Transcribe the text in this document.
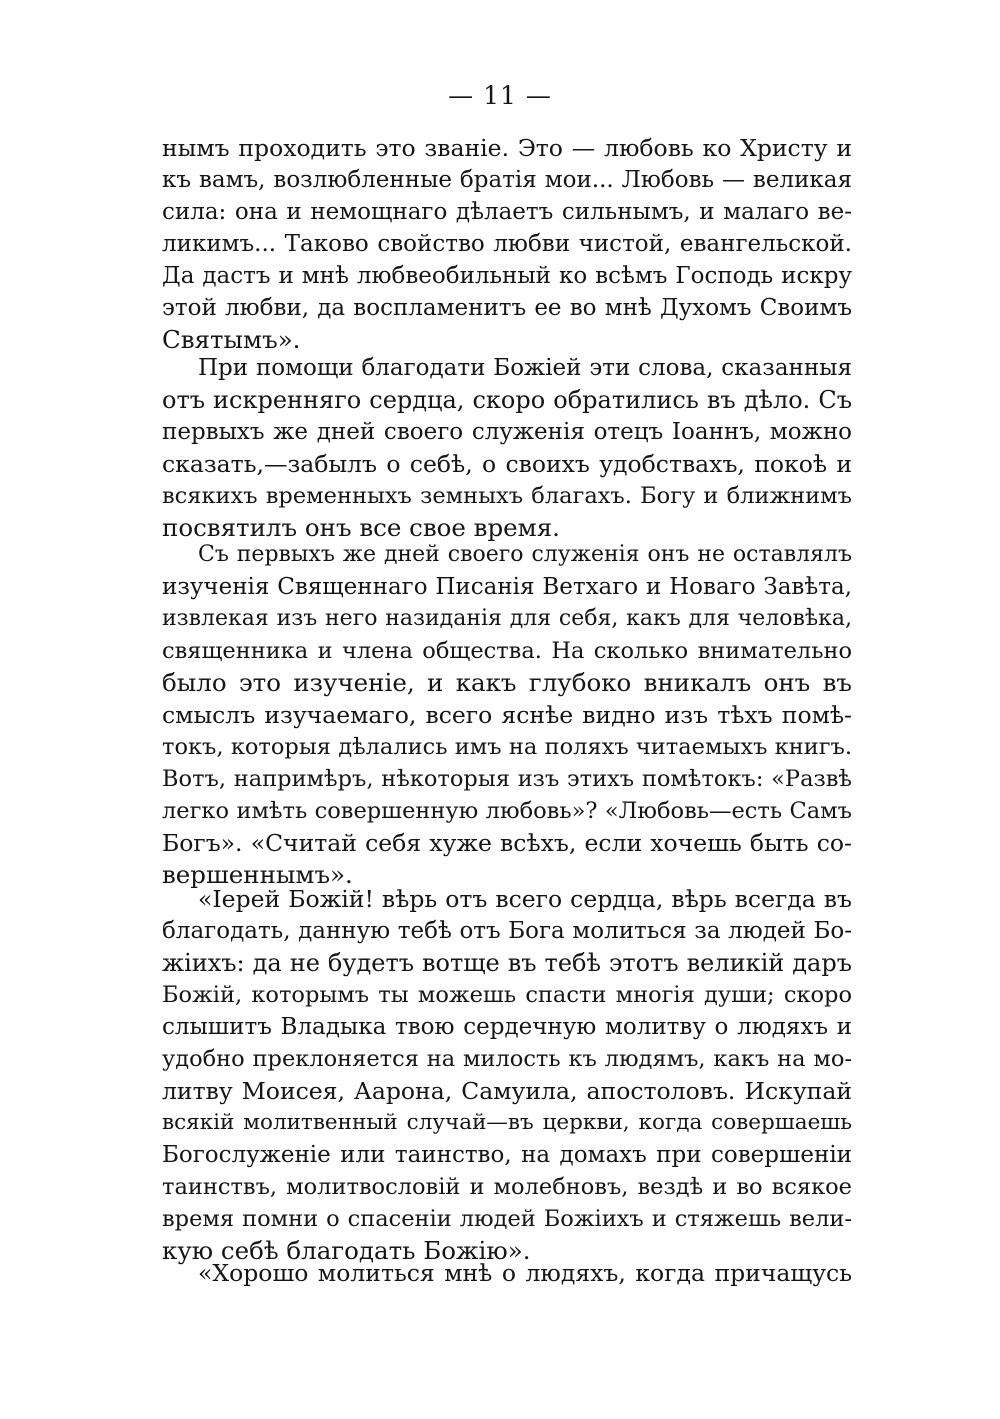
— 11 —
нымъ проходить это званіе. Это — любовь ко Христу и
къ вамъ, возлюбленные братія мои... Любовь — великая
сила: она и немощнаго дѣлаетъ сильнымъ, и малаго ве-
ликимъ... Таково свойство любви чистой, евангельской.
Да дастъ и мнѣ любвеобильный ко всѣмъ Господь искру
этой любви, да воспламенитъ ее во мнѣ Духомъ Своимъ
Святымъ».
При помощи благодати Божіей эти слова, сказанныя
отъ искренняго сердца, скоро обратились въ дѣло. Съ
первыхъ же дней своего служенія отецъ Іоаннъ, можно
сказать,—забылъ о себѣ, о своихъ удобствахъ, покоѣ и
всякихъ временныхъ земныхъ благахъ. Богу и ближнимъ
посвятилъ онъ все свое время.
Съ первыхъ же дней своего служенія онъ не оставлялъ
изученія Священнаго Писанія Ветхаго и Новаго Завѣта,
извлекая изъ него назиданія для себя, какъ для человѣка,
священника и члена общества. На сколько внимательно
было это изученіе, и какъ глубоко вникалъ онъ въ
смыслъ изучаемаго, всего яснѣе видно изъ тѣхъ помѣ-
токъ, которыя дѣлались имъ на поляхъ читаемыхъ книгъ.
Вотъ, напримѣръ, нѣкоторыя изъ этихъ помѣтокъ: «Развѣ
легко имѣть совершенную любовь»? «Любовь—есть Самъ
Богъ». «Считай себя хуже всѣхъ, если хочешь быть со-
вершеннымъ».
«Іерей Божій! вѣрь отъ всего сердца, вѣрь всегда въ
благодать, данную тебѣ отъ Бога молиться за людей Бо-
жіихъ: да не будетъ вотще въ тебѣ этотъ великій даръ
Божій, которымъ ты можешь спасти многія души; скоро
слышитъ Владыка твою сердечную молитву о людяхъ и
удобно преклоняется на милость къ людямъ, какъ на мо-
литву Моисея, Аарона, Самуила, апостоловъ. Искупай
всякій молитвенный случай—въ церкви, когда совершаешь
Богослуженіе или таинство, на домахъ при совершеніи
таинствъ, молитвословій и молебновъ, вездѣ и во всякое
время помни о спасеніи людей Божіихъ и стяжешь вели-
кую себѣ благодать Божію».
«Хорошо молиться мнѣ о людяхъ, когда причащусь
